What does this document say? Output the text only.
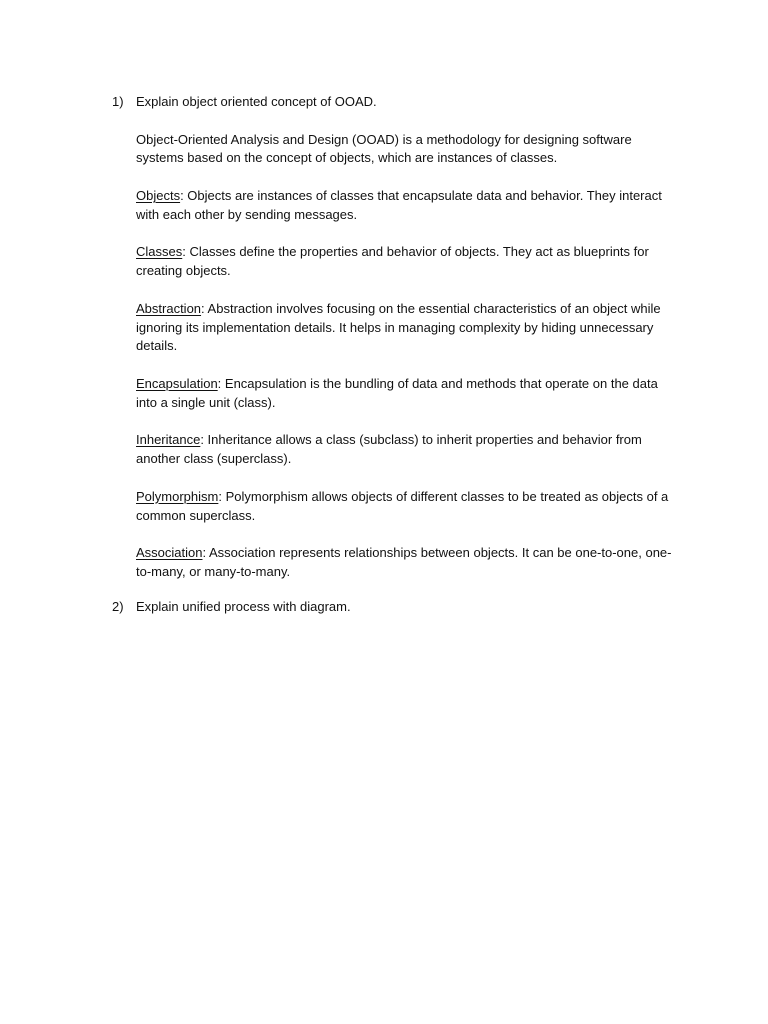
1) Explain object oriented concept of OOAD.

Object-Oriented Analysis and Design (OOAD) is a methodology for designing software systems based on the concept of objects, which are instances of classes.

Objects: Objects are instances of classes that encapsulate data and behavior. They interact with each other by sending messages.

Classes: Classes define the properties and behavior of objects. They act as blueprints for creating objects.

Abstraction: Abstraction involves focusing on the essential characteristics of an object while ignoring its implementation details. It helps in managing complexity by hiding unnecessary details.

Encapsulation: Encapsulation is the bundling of data and methods that operate on the data into a single unit (class).

Inheritance: Inheritance allows a class (subclass) to inherit properties and behavior from another class (superclass).

Polymorphism: Polymorphism allows objects of different classes to be treated as objects of a common superclass.

Association: Association represents relationships between objects. It can be one-to-one, one-to-many, or many-to-many.

2) Explain unified process with diagram.
